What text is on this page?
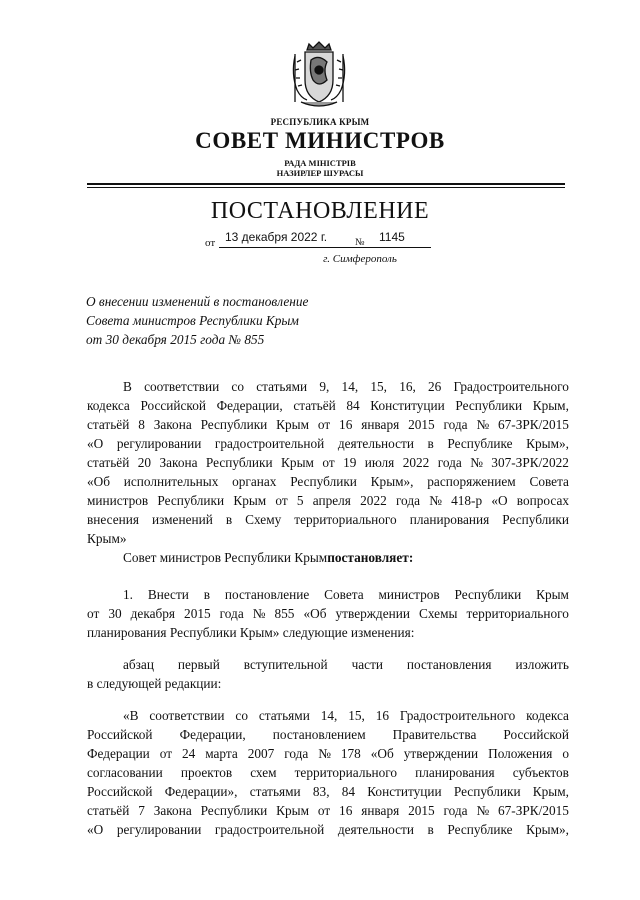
РЕСПУБЛИКА КРЫМ
СОВЕТ МИНИСТРОВ
РАДА МІНІСТРІВ
НАЗИРЛЕР ШУРАСЫ
ПОСТАНОВЛЕНИЕ
от 13 декабря 2022 г.	№ 1145
г. Симферополь
О внесении изменений в постановление
Совета министров Республики Крым
от 30 декабря 2015 года № 855
В соответствии со статьями 9, 14, 15, 16, 26 Градостроительного
кодекса Российской Федерации, статьёй 84 Конституции Республики Крым,
статьёй 8 Закона Республики Крым от 16 января 2015 года № 67-ЗРК/2015
«О регулировании градостроительной деятельности в Республике Крым»,
статьёй 20 Закона Республики Крым от 19 июля 2022 года № 307-ЗРК/2022
«Об исполнительных органах Республики Крым», распоряжением Совета
министров Республики Крым от 5 апреля 2022 года № 418-р «О вопросах
внесения изменений в Схему территориального планирования Республики
Крым»
Совет министров Республики Крым постановляет:
1. Внести в постановление Совета министров Республики Крым
от 30 декабря 2015 года № 855 «Об утверждении Схемы территориального
планирования Республики Крым» следующие изменения:
абзац первый вступительной части постановления изложить
в следующей редакции:
«В соответствии со статьями 14, 15, 16 Градостроительного кодекса
Российской Федерации, постановлением Правительства Российской
Федерации от 24 марта 2007 года № 178 «Об утверждении Положения о
согласовании проектов схем территориального планирования субъектов
Российской Федерации», статьями 83, 84 Конституции Республики Крым,
статьёй 7 Закона Республики Крым от 16 января 2015 года № 67-ЗРК/2015
«О регулировании градостроительной деятельности в Республике Крым»,
